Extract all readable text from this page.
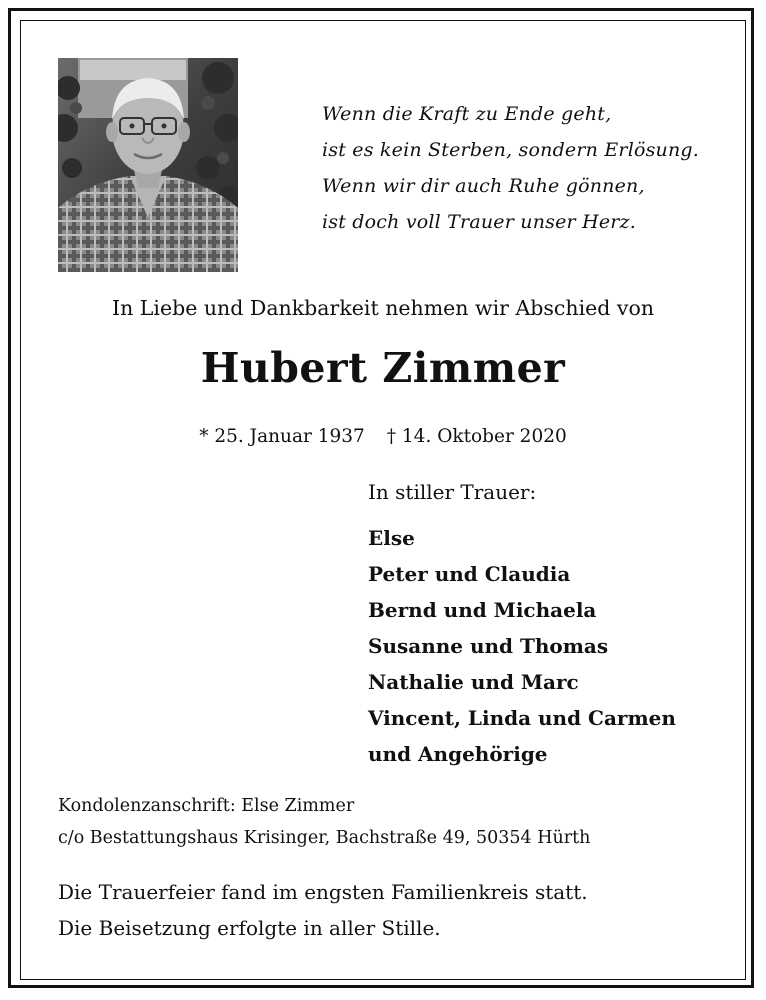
Wenn die Kraft zu Ende geht,
ist es kein Sterben, sondern Erlösung.
Wenn wir dir auch Ruhe gönnen,
ist doch voll Trauer unser Herz.
In Liebe und Dankbarkeit nehmen wir Abschied von
Hubert Zimmer
* 25. Januar 1937 † 14. Oktober 2020
In stiller Trauer:
Else
Peter und Claudia
Bernd und Michaela
Susanne und Thomas
Nathalie und Marc
Vincent, Linda und Carmen
und Angehörige
Kondolenzanschrift: Else Zimmer
c/o Bestattungshaus Krisinger, Bachstraße 49, 50354 Hürth
Die Trauerfeier fand im engsten Familienkreis statt.
Die Beisetzung erfolgte in aller Stille.
